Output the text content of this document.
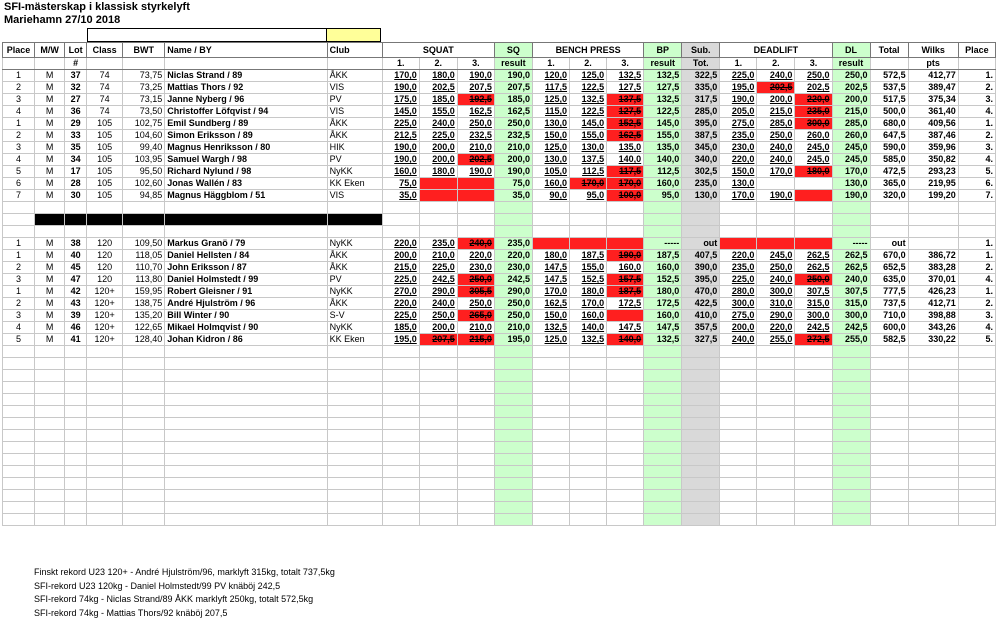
SFI-mästerskap i klassisk styrkelyft
Mariehamn 27/10 2018
Place	M/W	Lot	Class	BWT	Name / BY	Club	SQUAT			SQ	BENCH PRESS			BP	Sub.	DEADLIFT			DL	Total	Wilks	Place
		#					1.	2.	3.	result	1.	2.	3.	result	Tot.	1.	2.	3.	result		pts	
1	M	37	74	73,75	Niclas Strand / 89	ÅKK	170,0	180,0	190,0	190,0	120,0	125,0	132,5	132,5	322,5	225,0	240,0	250,0	250,0	572,5	412,77	1.
2	M	32	74	73,25	Mattias Thors / 92	VIS	190,0	202,5	207,5	207,5	117,5	122,5	127,5	127,5	335,0	195,0	202,5	202,5	202,5	537,5	389,47	2.
3	M	27	74	73,15	Janne Nyberg / 96	PV	175,0	185,0	192,5	185,0	125,0	132,5	137,5	132,5	317,5	190,0	200,0	220,0	200,0	517,5	375,34	3.
4	M	36	74	73,50	Christoffer Löfqvist / 94	VIS	145,0	155,0	162,5	162,5	115,0	122,5	127,5	122,5	285,0	205,0	215,0	235,0	215,0	500,0	361,40	4.
1	M	29	105	102,75	Emil Sundberg / 89	ÅKK	225,0	240,0	250,0	250,0	130,0	145,0	152,5	145,0	395,0	275,0	285,0	300,0	285,0	680,0	409,56	1.
2	M	33	105	104,60	Simon Eriksson / 89	ÅKK	212,5	225,0	232,5	232,5	150,0	155,0	162,5	155,0	387,5	235,0	250,0	260,0	260,0	647,5	387,46	2.
3	M	35	105	99,40	Magnus Henriksson / 80	HIK	190,0	200,0	210,0	210,0	125,0	130,0	135,0	135,0	345,0	230,0	240,0	245,0	245,0	590,0	359,96	3.
4	M	34	105	103,95	Samuel Wargh / 98	PV	190,0	200,0	202,5	200,0	130,0	137,5	140,0	140,0	340,0	220,0	240,0	245,0	245,0	585,0	350,82	4.
5	M	17	105	95,50	Richard Nylund / 98	NyKK	160,0	180,0	190,0	190,0	105,0	112,5	117,5	112,5	302,5	150,0	170,0	180,0	170,0	472,5	293,23	5.
6	M	28	105	102,60	Jonas Wallén / 83	KK Eken	75,0			75,0	160,0	170,0	170,0	160,0	235,0	130,0			130,0	365,0	219,95	6.
7	M	30	105	94,85	Magnus Häggblom / 51	VIS	35,0			35,0	90,0	95,0	100,0	95,0	130,0	170,0	190,0		190,0	320,0	199,20	7.

1	M	38	120	109,50	Markus Granö / 79	NyKK	220,0	235,0	240,0	235,0				-----	out				-----	out		1.
1	M	40	120	118,05	Daniel Hellsten / 84	ÅKK	200,0	210,0	220,0	220,0	180,0	187,5	190,0	187,5	407,5	220,0	245,0	262,5	262,5	670,0	386,72	1.
2	M	45	120	110,70	John Eriksson / 87	ÅKK	215,0	225,0	230,0	230,0	147,5	155,0	160,0	160,0	390,0	235,0	250,0	262,5	262,5	652,5	383,28	2.
3	M	47	120	113,80	Daniel Holmstedt / 99	PV	225,0	242,5	250,0	242,5	147,5	152,5	157,5	152,5	395,0	225,0	240,0	250,0	240,0	635,0	370,01	4.
1	M	42	120+	159,95	Robert Gleisner / 91	NyKK	270,0	290,0	305,5	290,0	170,0	180,0	187,5	180,0	470,0	280,0	300,0	307,5	307,5	777,5	426,23	1.
2	M	43	120+	138,75	André Hjulström / 96	ÅKK	220,0	240,0	250,0	250,0	162,5	170,0	172,5	172,5	422,5	300,0	310,0	315,0	315,0	737,5	412,71	2.
3	M	39	120+	135,20	Bill Winter / 90	S-V	225,0	250,0	265,0	250,0	150,0	160,0		160,0	410,0	275,0	290,0	300,0	300,0	710,0	398,88	3.
4	M	46	120+	122,65	Mikael Holmqvist / 90	NyKK	185,0	200,0	210,0	210,0	132,5	140,0	147,5	147,5	357,5	200,0	220,0	242,5	242,5	600,0	343,26	4.
5	M	41	120+	128,40	Johan Kidron / 86	KK Eken	195,0	207,5	215,0	195,0	125,0	132,5	140,0	132,5	327,5	240,0	255,0	272,5	255,0	582,5	330,22	5.

Finskt rekord U23 120+ - André Hjulström/96, marklyft 315kg, totalt 737,5kg
SFI-rekord U23 120kg - Daniel Holmstedt/99 PV knäböj 242,5
SFI-rekord 74kg - Niclas Strand/89 ÅKK marklyft 250kg, totalt 572,5kg
SFI-rekord 74kg - Mattias Thors/92 knäböj 207,5
